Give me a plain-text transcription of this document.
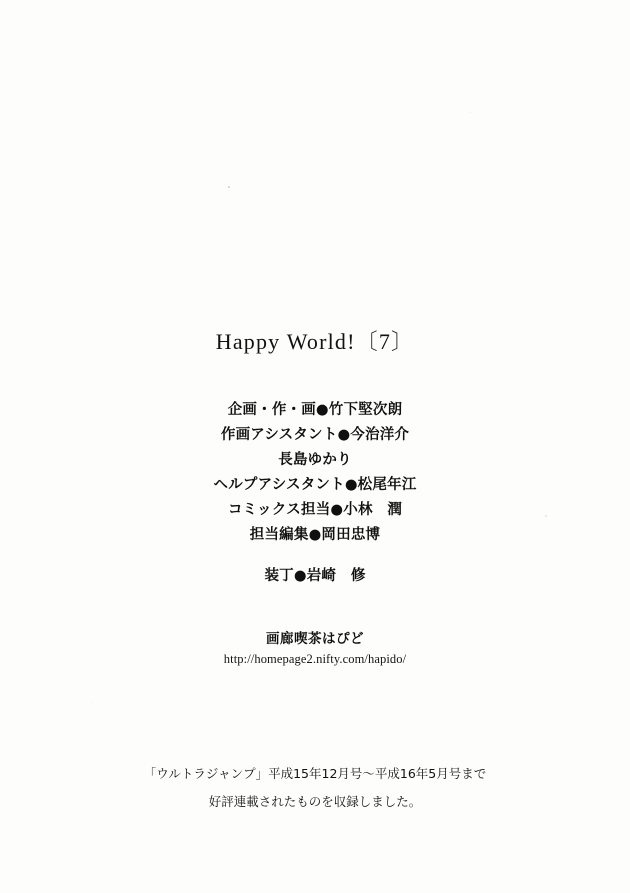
Happy World!〔7〕
企画・作・画●竹下堅次朗
作画アシスタント●今治洋介
長島ゆかり
ヘルプアシスタント●松尾年江
コミックス担当●小林　潤
担当編集●岡田忠博
装丁●岩崎　修
画廊喫茶はぴど
http://homepage2.nifty.com/hapido/
「ウルトラジャンプ」平成15年12月号〜平成16年5月号まで
好評連載されたものを収録しました。
